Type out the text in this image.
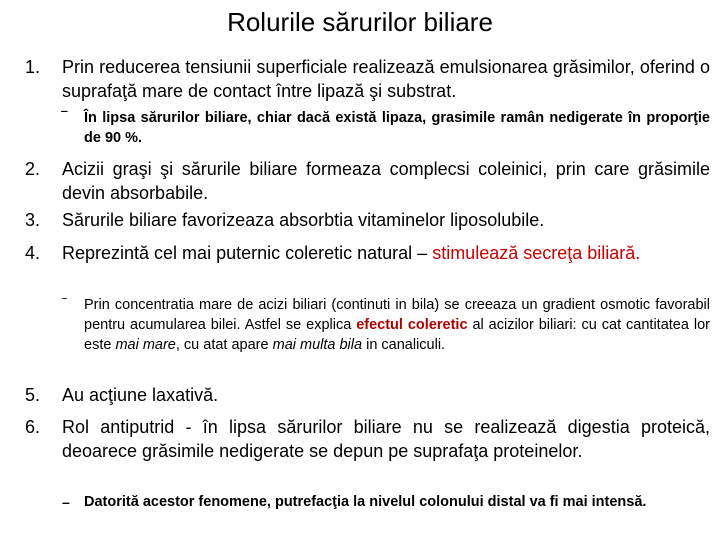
Rolurile sărurilor biliare
1.	Prin reducerea tensiunii superficiale realizează emulsionarea grăsimilor, oferind o suprafaţă mare de contact între lipază şi substrat.
‾ În lipsa sărurilor biliare, chiar dacă există lipaza, grasimile ramân nedigerate în proporţie de 90 %.
2.	Acizii graşi şi sărurile biliare formeaza complecsi coleinici, prin care grăsimile devin absorbabile.
3.	Sărurile biliare favorizeaza absorbtia vitaminelor liposolubile.
4.	Reprezintă cel mai puternic coleretic natural – stimulează secreţa biliară.
‾ Prin concentratia mare de acizi biliari (continuti in bila) se creeaza un gradient osmotic favorabil pentru acumularea bilei. Astfel se explica efectul coleretic al acizilor biliari: cu cat cantitatea lor este mai mare, cu atat apare mai multa bila in canaliculi.
5.	Au acţiune laxativă.
6.	Rol antiputrid - în lipsa sărurilor biliare nu se realizează digestia proteică, deoarece grăsimile nedigerate se depun pe suprafaţa proteinelor.
– Datorită acestor fenomene, putrefacţia la nivelul colonului distal va fi mai intensă.
